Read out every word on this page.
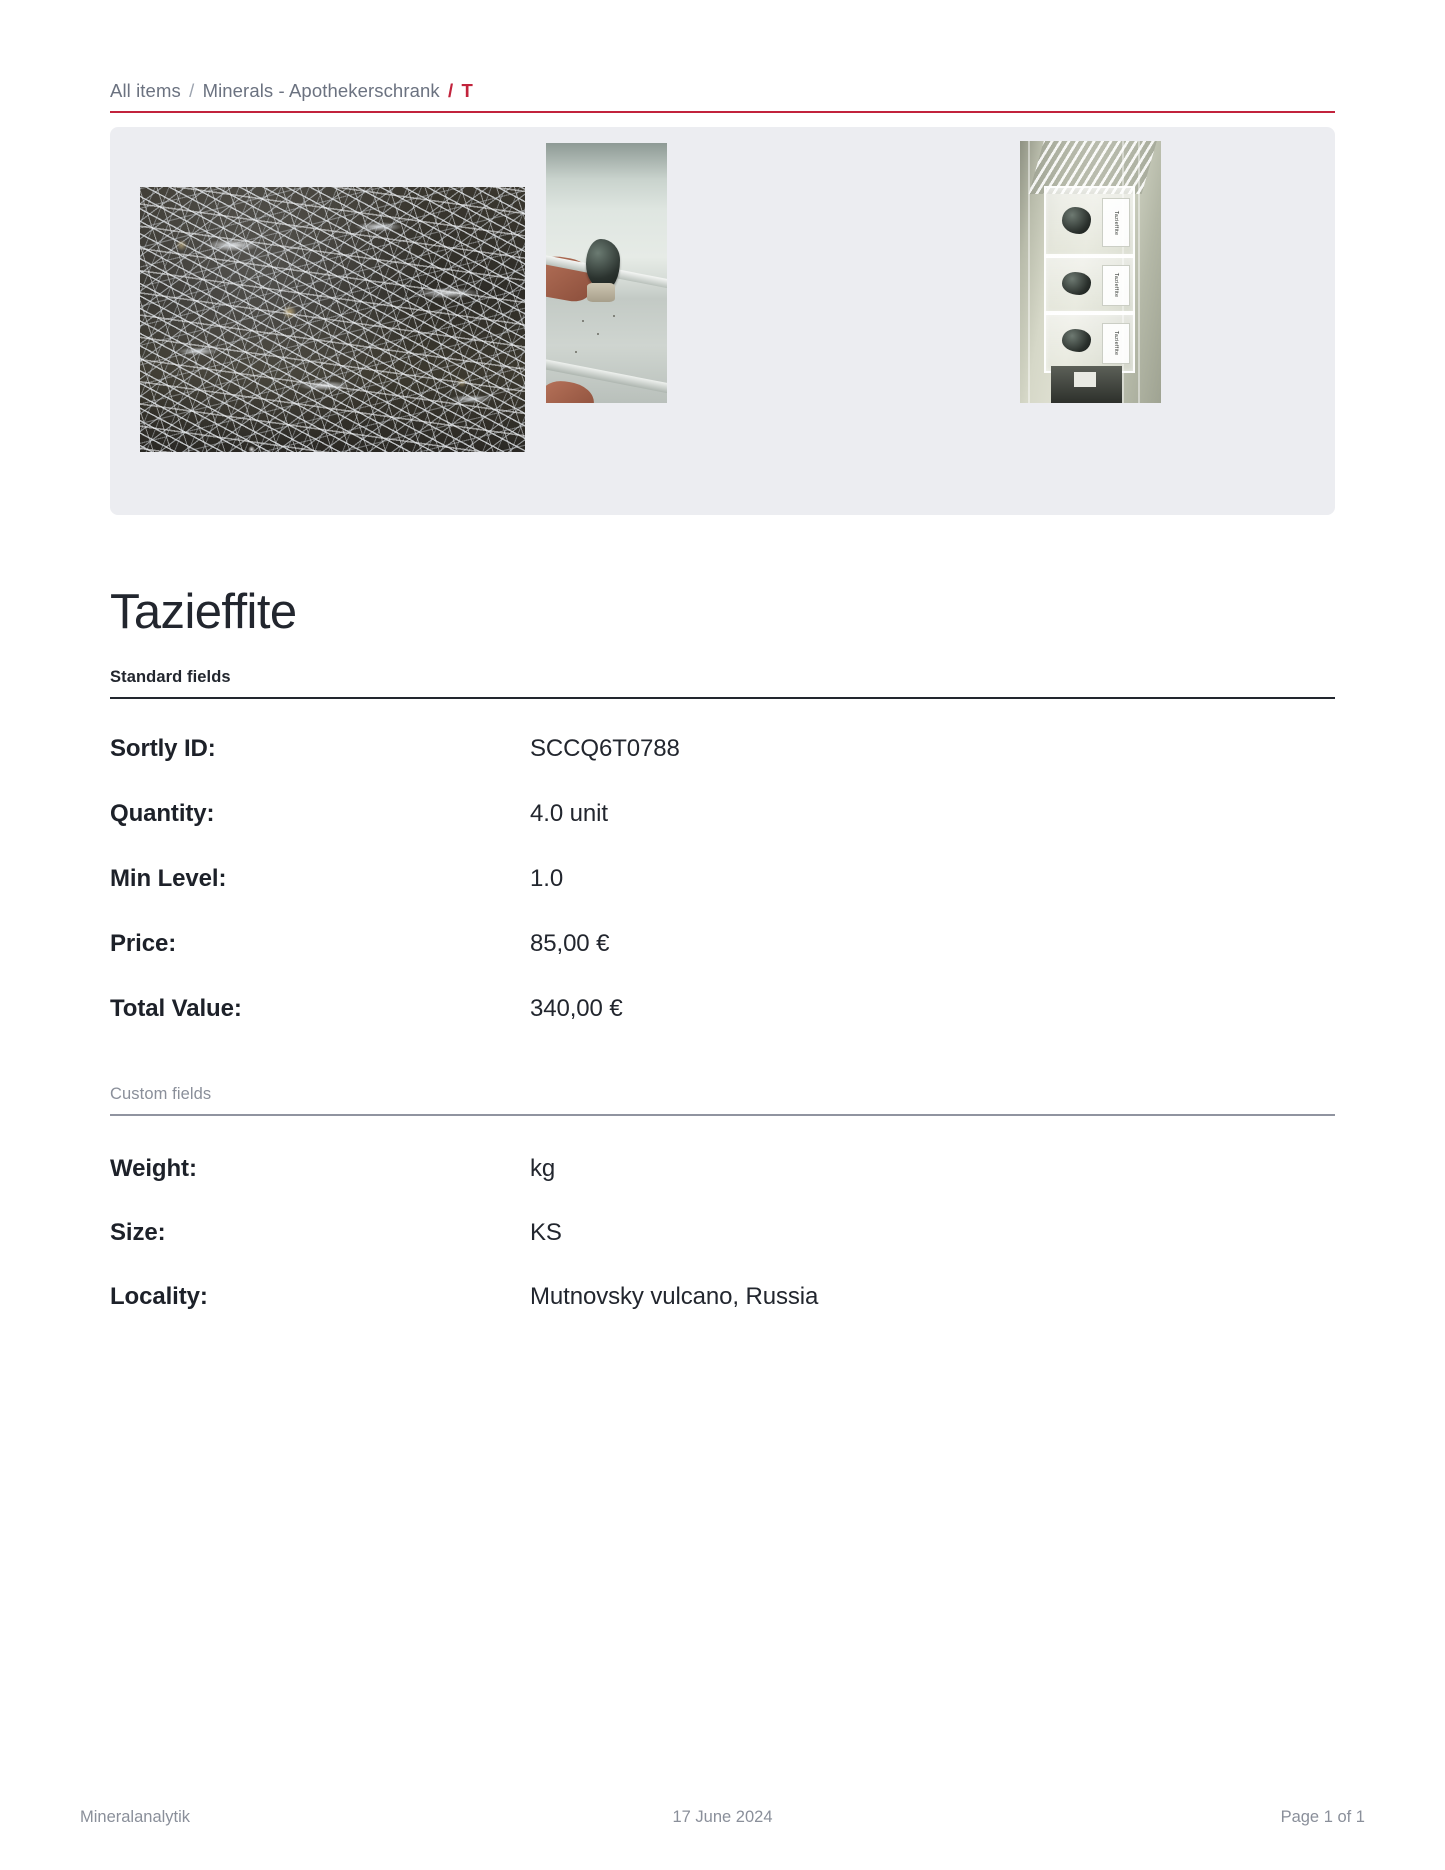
All items / Minerals - Apothekerschrank / T
Tazieffite
Tazieffite
Tazieffite
Tazieffite
Standard fields
Sortly ID:	SCCQ6T0788
Quantity:	4.0 unit
Min Level:	1.0
Price:	85,00 €
Total Value:	340,00 €
Custom fields
Weight:	kg
Size:	KS
Locality:	Mutnovsky vulcano, Russia
Mineralanalytik	17 June 2024	Page 1 of 1
